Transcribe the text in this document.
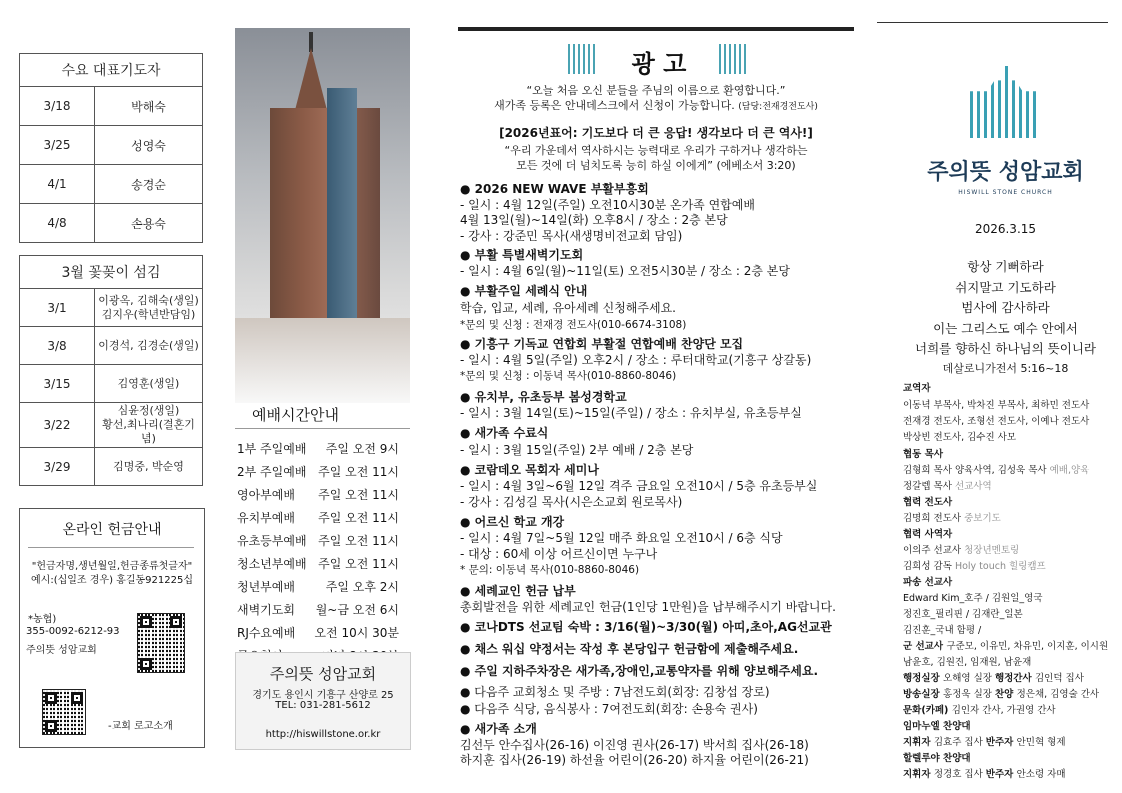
수요 대표기도자	
3/18	박해숙
3/25	성영숙
4/1	송경순
4/8	손용숙
3월 꽃꽂이 섬김	
3/1	이광옥, 김해숙(생일)
김지우(학년반담임)

3/8	이경석, 김경순(생일)

3/15	김영훈(생일)

3/22	심윤정(생일)
황선,최나리(결혼기념)

3/29	김명중, 박순영
온라인 헌금안내
"헌금자명,생년월일,헌금종류첫글자"
예시:(십일조 경우) 홍길동921225십
*농협)
355-0092-6212-93
주의뜻 성암교회
-교회 로고소개
예배시간안내
1부 주일예배 주일 오전 9시
2부 주일예배 주일 오전 11시
영아부예배 주일 오전 11시
유치부예배 주일 오전 11시
유초등부예배 주일 오전 11시
청소년부예배 주일 오전 11시
청년부예배	주일 오후 2시
새벽기도회 월~금 오전 6시
RJ수요예배 오전 10시 30분
주의뜻 성암교회
경기도 용인시 기흥구 산양로 25
TEL: 031-281-5612
http://hiswillstone.or.kr
광 고
“오늘 처음 오신 분들을 주님의 이름으로 환영합니다.”
새가족 등록은 안내데스크에서 신청이 가능합니다. (담당:전재경전도사)
[2026년표어: 기도보다 더 큰 응답! 생각보다 더 큰 역사!]
“우리 가운데서 역사하시는 능력대로 우리가 구하거나 생각하는
모든 것에 더 넘치도록 능히 하실 이에게” (에베소서 3:20)
● 2026 NEW WAVE 부활부흥회
- 일시 : 4월 12일(주일) 오전10시30분 온가족 연합예배
4월 13일(월)~14일(화) 오후8시 / 장소 : 2층 본당
- 강사 : 강준민 목사(새생명비전교회 담임)
● 부활 특별새벽기도회
- 일시 : 4월 6일(월)~11일(토) 오전5시30분 / 장소 : 2층 본당
● 부활주일 세례식 안내
학습, 입교, 세례, 유아세례 신청해주세요.
*문의 및 신청 : 전재경 전도사(010-6674-3108)
● 기흥구 기독교 연합회 부활절 연합예배 찬양단 모집
- 일시 : 4월 5일(주일) 오후2시 / 장소 : 루터대학교(기흥구 상갈동)
*문의 및 신청 : 이동녁 목사(010-8860-8046)
● 유치부, 유초등부 봄성경학교
- 일시 : 3월 14일(토)~15일(주일) / 장소 : 유치부실, 유초등부실
● 새가족 수료식
- 일시 : 3월 15일(주일) 2부 예배 / 2층 본당
● 코람데오 목회자 세미나
- 일시 : 4월 3일~6월 12일 격주 금요일 오전10시 / 5층 유초등부실
- 강사 : 김성길 목사(시은소교회 원로목사)
● 어르신 학교 개강
- 일시 : 4월 7일~5월 12일 매주 화요일 오전10시 / 6층 식당
- 대상 : 60세 이상 어르신이면 누구나
* 문의: 이동녁 목사(010-8860-8046)
● 세례교인 헌금 납부
총회발전을 위한 세례교인 헌금(1인당 1만원)을 납부해주시기 바랍니다.
● 코나DTS 선교팀 숙박 : 3/16(월)~3/30(월) 아띠,초아,AG선교관
● 채스 워십 약정서는 작성 후 본당입구 헌금함에 제출해주세요.
● 주일 지하주차장은 새가족,장애인,교통약자를 위해 양보해주세요.
● 다음주 교회청소 및 주방 : 7남전도회(회장: 김창섭 장로)
● 다음주 식당, 음식봉사 : 7여전도회(회장: 손용숙 권사)
● 새가족 소개
김선두 안수집사(26-16) 이진영 권사(26-17) 박서희 집사(26-18)
하지훈 집사(26-19) 하선율 어린이(26-20) 하지율 어린이(26-21)
주의뜻 성암교회
HISWILL STONE CHURCH
2026.3.15
항상 기뻐하라
쉬지말고 기도하라
범사에 감사하라
이는 그리스도 예수 안에서
너희를 향하신 하나님의 뜻이니라
데살로니가전서 5:16~18
교역자
이동녁 부목사, 박차진 부목사, 최하민 전도사
전재경 전도사, 조형선 전도사, 이예나 전도사
박상빈 전도사, 김수진 사모
협동 목사
김형희 목사 양육사역, 김성욱 목사 예배,양육
정갈렙 목사 선교사역
협력 전도사
김명희 전도사 중보기도
협력 사역자
이의주 선교사 청장년멘토링
김희성 감독 Holy touch 힐링캠프
파송 선교사
Edward Kim_호주 / 김원일_영국
정진호_필리핀 / 김재란_일본
김진훈_국내 함평 /
군 선교사 구준모, 이유민, 차유민, 이지훈, 이시원
남윤호, 김원진, 임재원, 남윤재
행정실장 오해영 실장 행정간사 김인덕 집사
방송실장 홍정욱 실장 찬양 정은채, 김영술 간사
문화(카페) 김인자 간사, 가권영 간사
임마누엘 찬양대
지휘자 김효주 집사 반주자 안민혁 형제
할렐루야 찬양대
지휘자 정경호 집사 반주자 안소령 자매
